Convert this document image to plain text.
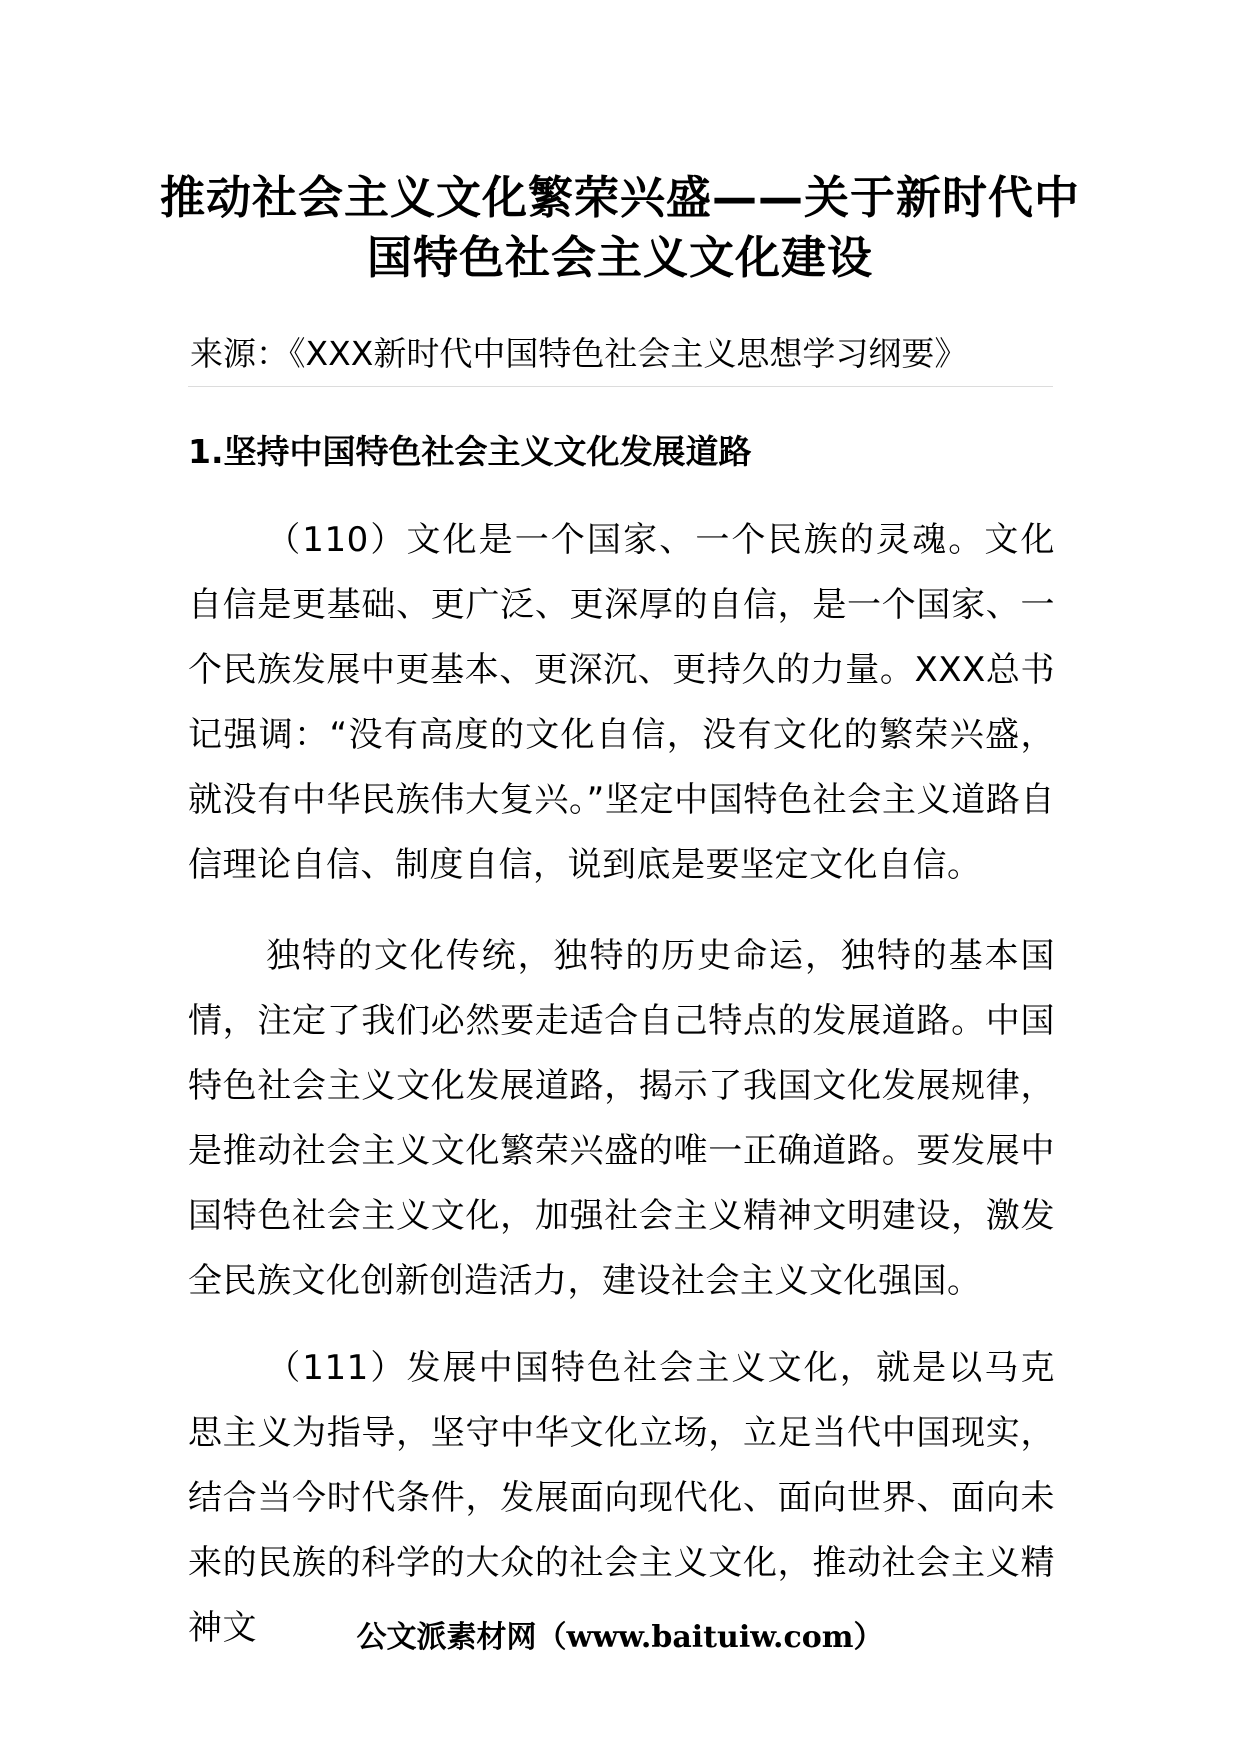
推动社会主义文化繁荣兴盛——关于新时代中国特色社会主义文化建设
来源：《XXX新时代中国特色社会主义思想学习纲要》
1.坚持中国特色社会主义文化发展道路
（110）文化是一个国家、一个民族的灵魂。文化自信是更基础、更广泛、更深厚的自信，是一个国家、一个民族发展中更基本、更深沉、更持久的力量。XXX总书记强调：“没有高度的文化自信，没有文化的繁荣兴盛，就没有中华民族伟大复兴。”坚定中国特色社会主义道路自信理论自信、制度自信，说到底是要坚定文化自信。
独特的文化传统，独特的历史命运，独特的基本国情，注定了我们必然要走适合自己特点的发展道路。中国特色社会主义文化发展道路，揭示了我国文化发展规律，是推动社会主义文化繁荣兴盛的唯一正确道路。要发展中国特色社会主义文化，加强社会主义精神文明建设，激发全民族文化创新创造活力，建设社会主义文化强国。
（111）发展中国特色社会主义文化，就是以马克思主义为指导，坚守中华文化立场，立足当代中国现实，结合当今时代条件，发展面向现代化、面向世界、面向未来的民族的科学的大众的社会主义文化，推动社会主义精神文	公文派素材网（www.baituiw.com）
